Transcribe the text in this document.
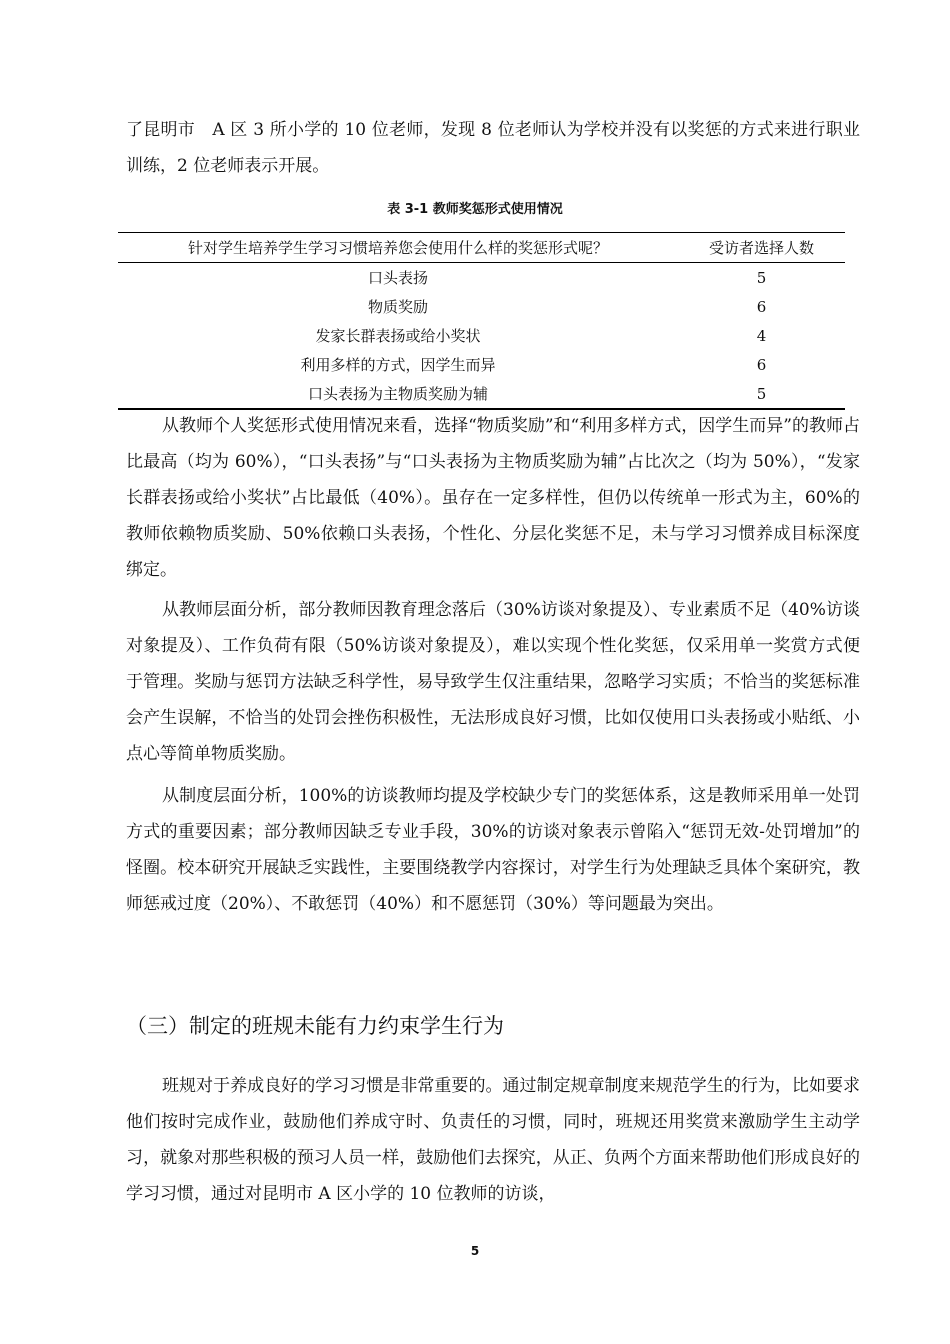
了昆明市　A 区 3 所小学的 10 位老师，发现 8 位老师认为学校并没有以奖惩的方式来进行职业训练，2 位老师表示开展。

表 3-1 教师奖惩形式使用情况
针对学生培养学生学习习惯培养您会使用什么样的奖惩形式呢？	受访者选择人数
口头表扬	5
物质奖励	6
发家长群表扬或给小奖状	4
利用多样的方式，因学生而异	6
口头表扬为主物质奖励为辅	5

从教师个人奖惩形式使用情况来看，选择“物质奖励”和“利用多样方式，因学生而异”的教师占比最高（均为 60%），“口头表扬”与“口头表扬为主物质奖励为辅”占比次之（均为 50%），“发家长群表扬或给小奖状”占比最低（40%）。虽存在一定多样性，但仍以传统单一形式为主，60%的教师依赖物质奖励、50%依赖口头表扬，个性化、分层化奖惩不足，未与学习习惯养成目标深度绑定。

从教师层面分析，部分教师因教育理念落后（30%访谈对象提及）、专业素质不足（40%访谈对象提及）、工作负荷有限（50%访谈对象提及），难以实现个性化奖惩，仅采用单一奖赏方式便于管理。奖励与惩罚方法缺乏科学性，易导致学生仅注重结果，忽略学习实质；不恰当的奖惩标准会产生误解，不恰当的处罚会挫伤积极性，无法形成良好习惯，比如仅使用口头表扬或小贴纸、小点心等简单物质奖励。

从制度层面分析，100%的访谈教师均提及学校缺少专门的奖惩体系，这是教师采用单一处罚方式的重要因素；部分教师因缺乏专业手段，30%的访谈对象表示曾陷入“惩罚无效-处罚增加”的怪圈。校本研究开展缺乏实践性，主要围绕教学内容探讨，对学生行为处理缺乏具体个案研究，教师惩戒过度（20%）、不敢惩罚（40%）和不愿惩罚（30%）等问题最为突出。

（三）制定的班规未能有力约束学生行为

班规对于养成良好的学习习惯是非常重要的。通过制定规章制度来规范学生的行为，比如要求他们按时完成作业，鼓励他们养成守时、负责任的习惯，同时，班规还用奖赏来激励学生主动学习，就象对那些积极的预习人员一样，鼓励他们去探究，从正、负两个方面来帮助他们形成良好的学习习惯，通过对昆明市 A 区小学的 10 位教师的访谈，

5
